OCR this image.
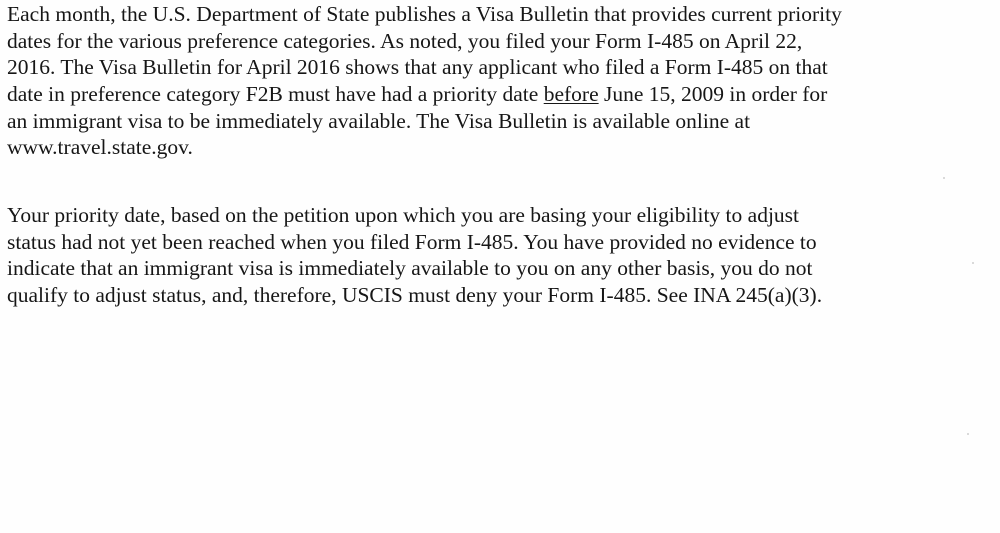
Each month, the U.S. Department of State publishes a Visa Bulletin that provides current priority
dates for the various preference categories. As noted, you filed your Form I-485 on April 22,
2016. The Visa Bulletin for April 2016 shows that any applicant who filed a Form I-485 on that
date in preference category F2B must have had a priority date before June 15, 2009 in order for
an immigrant visa to be immediately available. The Visa Bulletin is available online at
www.travel.state.gov.
Your priority date, based on the petition upon which you are basing your eligibility to adjust
status had not yet been reached when you filed Form I-485. You have provided no evidence to
indicate that an immigrant visa is immediately available to you on any other basis, you do not
qualify to adjust status, and, therefore, USCIS must deny your Form I-485. See INA 245(a)(3).
